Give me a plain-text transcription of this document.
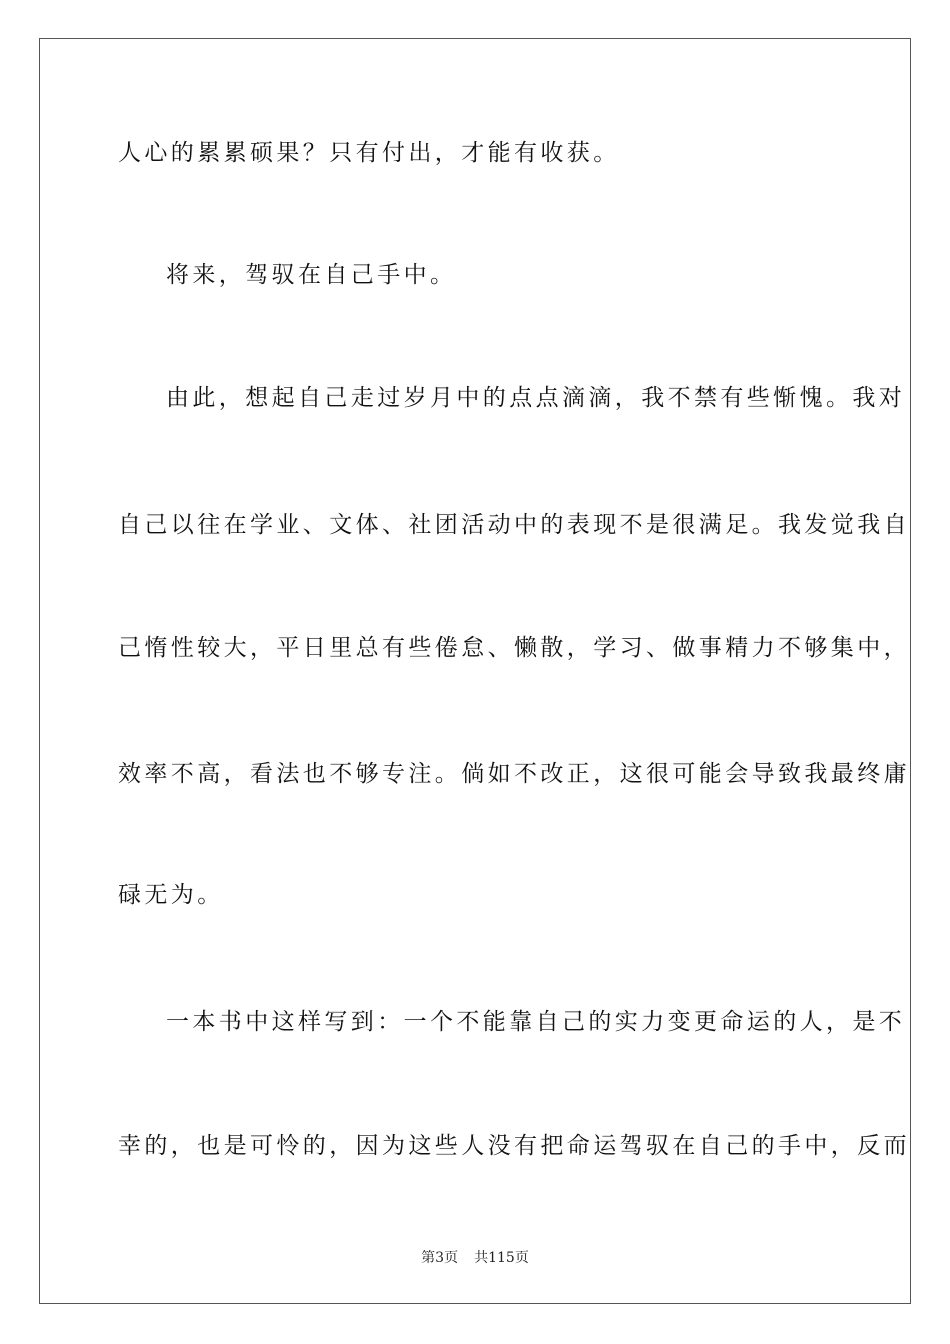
人心的累累硕果？只有付出，才能有收获。
将来，驾驭在自己手中。
由此，想起自己走过岁月中的点点滴滴，我不禁有些惭愧。我对
自己以往在学业、文体、社团活动中的表现不是很满足。我发觉我自
己惰性较大，平日里总有些倦怠、懒散，学习、做事精力不够集中，
效率不高，看法也不够专注。倘如不改正，这很可能会导致我最终庸
碌无为。
一本书中这样写到：一个不能靠自己的实力变更命运的人，是不
幸的，也是可怜的，因为这些人没有把命运驾驭在自己的手中，反而
第3页 共115页
